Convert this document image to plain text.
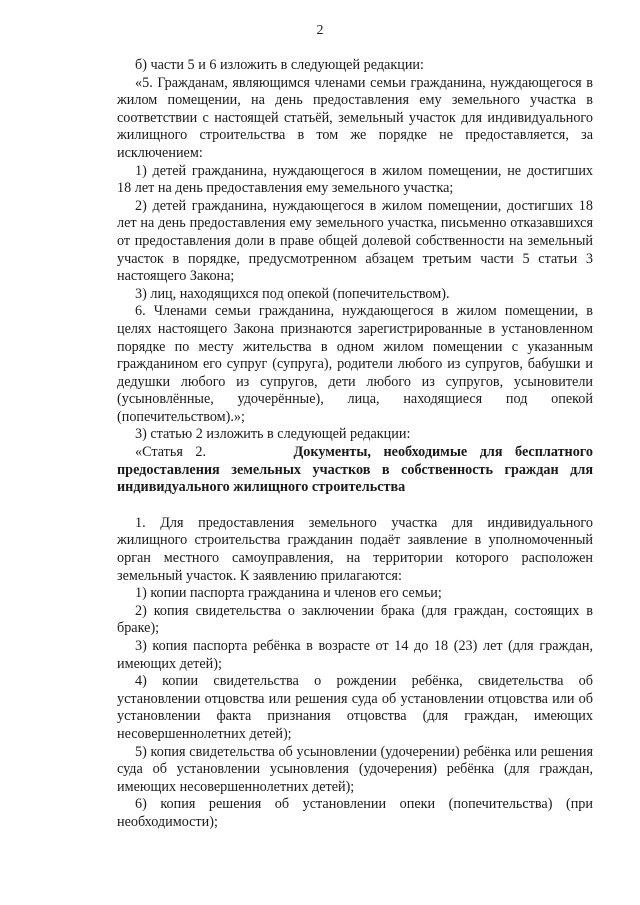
2

б) части 5 и 6 изложить в следующей редакции:

«5. Гражданам, являющимся членами семьи гражданина, нуждающегося в жилом помещении, на день предоставления ему земельного участка в соответствии с настоящей статьёй, земельный участок для индивидуального жилищного строительства в том же порядке не предоставляется, за исключением:

1) детей гражданина, нуждающегося в жилом помещении, не достигших 18 лет на день предоставления ему земельного участка;

2) детей гражданина, нуждающегося в жилом помещении, достигших 18 лет на день предоставления ему земельного участка, письменно отказавшихся от предоставления доли в праве общей долевой собственности на земельный участок в порядке, предусмотренном абзацем третьим части 5 статьи 3 настоящего Закона;

3) лиц, находящихся под опекой (попечительством).

6. Членами семьи гражданина, нуждающегося в жилом помещении, в целях настоящего Закона признаются зарегистрированные в установленном порядке по месту жительства в одном жилом помещении с указанным гражданином его супруг (супруга), родители любого из супругов, бабушки и дедушки любого из супругов, дети любого из супругов, усыновители (усыновлённые, удочерённые), лица, находящиеся под опекой (попечительством).»;

3) статью 2 изложить в следующей редакции:

«Статья 2.	Документы, необходимые для бесплатного предоставления земельных участков в собственность граждан для индивидуального жилищного строительства

1. Для предоставления земельного участка для индивидуального жилищного строительства гражданин подаёт заявление в уполномоченный орган местного самоуправления, на территории которого расположен земельный участок. К заявлению прилагаются:

1) копии паспорта гражданина и членов его семьи;

2) копия свидетельства о заключении брака (для граждан, состоящих в браке);

3) копия паспорта ребёнка в возрасте от 14 до 18 (23) лет (для граждан, имеющих детей);

4) копии свидетельства о рождении ребёнка, свидетельства об установлении отцовства или решения суда об установлении отцовства или об установлении факта признания отцовства (для граждан, имеющих несовершеннолетних детей);

5) копия свидетельства об усыновлении (удочерении) ребёнка или решения суда об установлении усыновления (удочерения) ребёнка (для граждан, имеющих несовершеннолетних детей);

6) копия решения об установлении опеки (попечительства) (при необходимости);
